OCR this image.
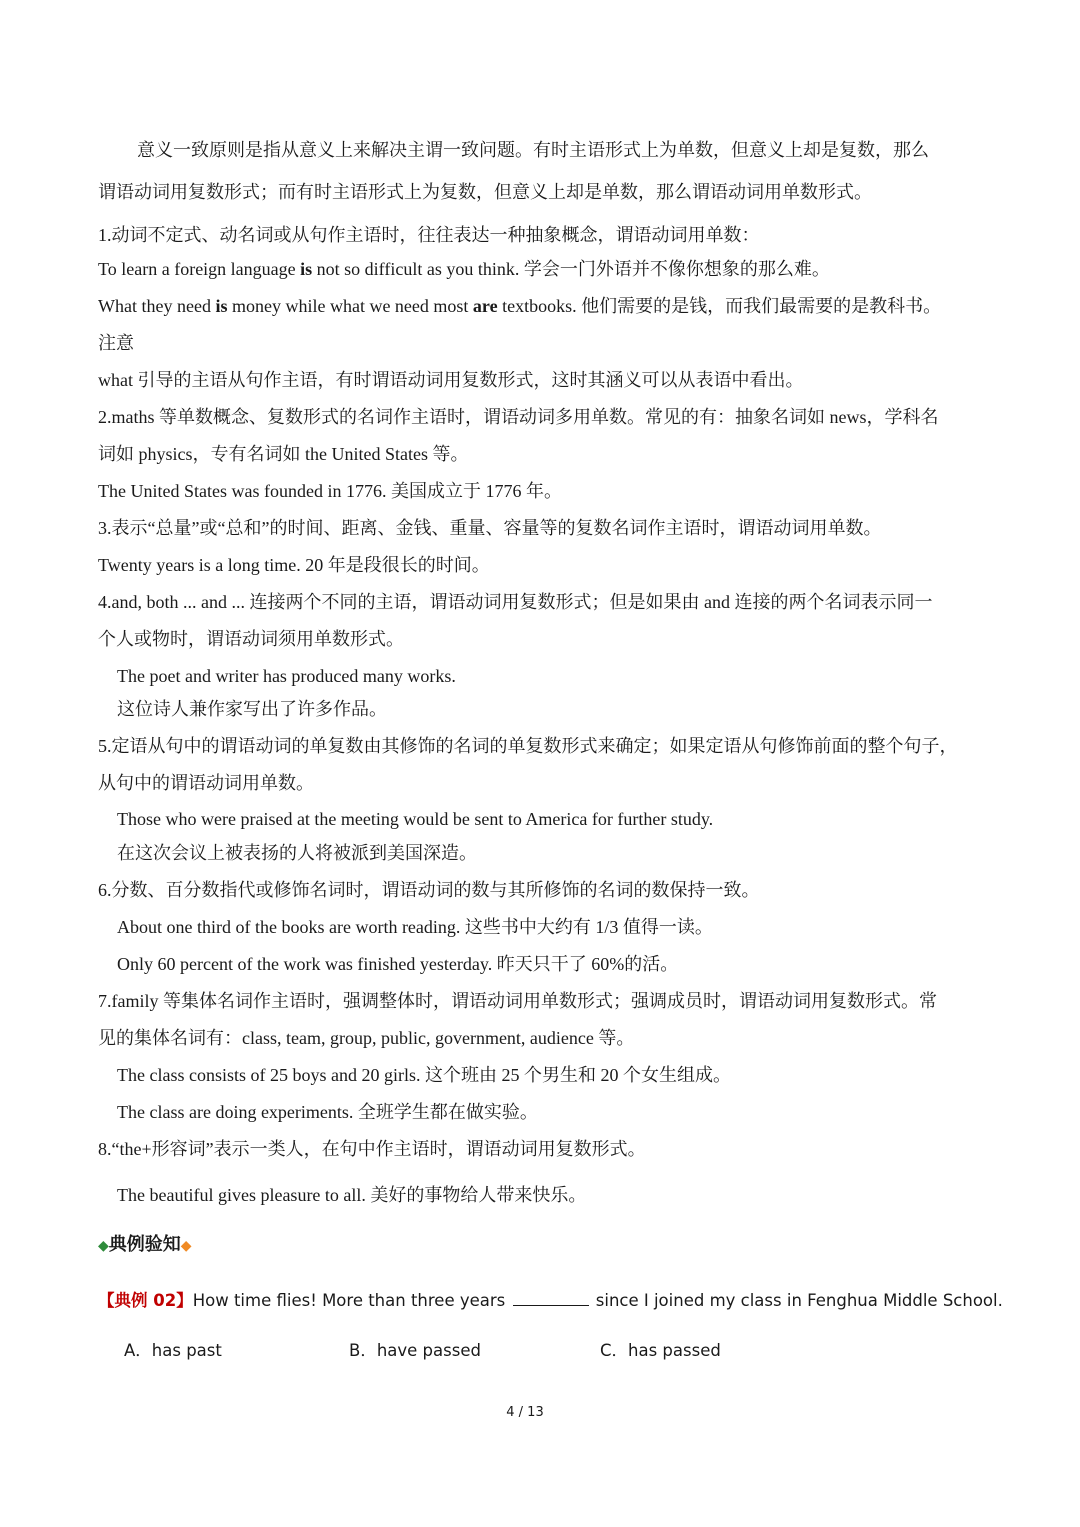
意义一致原则是指从意义上来解决主谓一致问题。有时主语形式上为单数，但意义上却是复数，那么
谓语动词用复数形式；而有时主语形式上为复数，但意义上却是单数，那么谓语动词用单数形式。
1.动词不定式、动名词或从句作主语时，往往表达一种抽象概念，谓语动词用单数：
To learn a foreign language is not so difficult as you think. 学会一门外语并不像你想象的那么难。
What they need is money while what we need most are textbooks. 他们需要的是钱，而我们最需要的是教科书。
注意
what 引导的主语从句作主语，有时谓语动词用复数形式，这时其涵义可以从表语中看出。
2.maths 等单数概念、复数形式的名词作主语时，谓语动词多用单数。常见的有：抽象名词如 news，学科名
词如 physics，专有名词如 the United States 等。
The United States was founded in 1776. 美国成立于 1776 年。
3.表示“总量”或“总和”的时间、距离、金钱、重量、容量等的复数名词作主语时，谓语动词用单数。
Twenty years is a long time. 20 年是段很长的时间。
4.and, both ... and ... 连接两个不同的主语，谓语动词用复数形式；但是如果由 and 连接的两个名词表示同一
个人或物时，谓语动词须用单数形式。
The poet and writer has produced many works.
这位诗人兼作家写出了许多作品。
5.定语从句中的谓语动词的单复数由其修饰的名词的单复数形式来确定；如果定语从句修饰前面的整个句子，
从句中的谓语动词用单数。
Those who were praised at the meeting would be sent to America for further study.
在这次会议上被表扬的人将被派到美国深造。
6.分数、百分数指代或修饰名词时，谓语动词的数与其所修饰的名词的数保持一致。
About one third of the books are worth reading. 这些书中大约有 1/3 值得一读。
Only 60 percent of the work was finished yesterday. 昨天只干了 60%的活。
7.family 等集体名词作主语时，强调整体时，谓语动词用单数形式；强调成员时，谓语动词用复数形式。常
见的集体名词有：class, team, group, public, government, audience 等。
The class consists of 25 boys and 20 girls. 这个班由 25 个男生和 20 个女生组成。
The class are doing experiments. 全班学生都在做实验。
8.“the+形容词”表示一类人，在句中作主语时，谓语动词用复数形式。
The beautiful gives pleasure to all. 美好的事物给人带来快乐。
◆典例验知◆
【典例 02】How time flies! More than three years	since I joined my class in Fenghua Middle School.
A．has past	B．have passed	C．has passed
4 / 13
